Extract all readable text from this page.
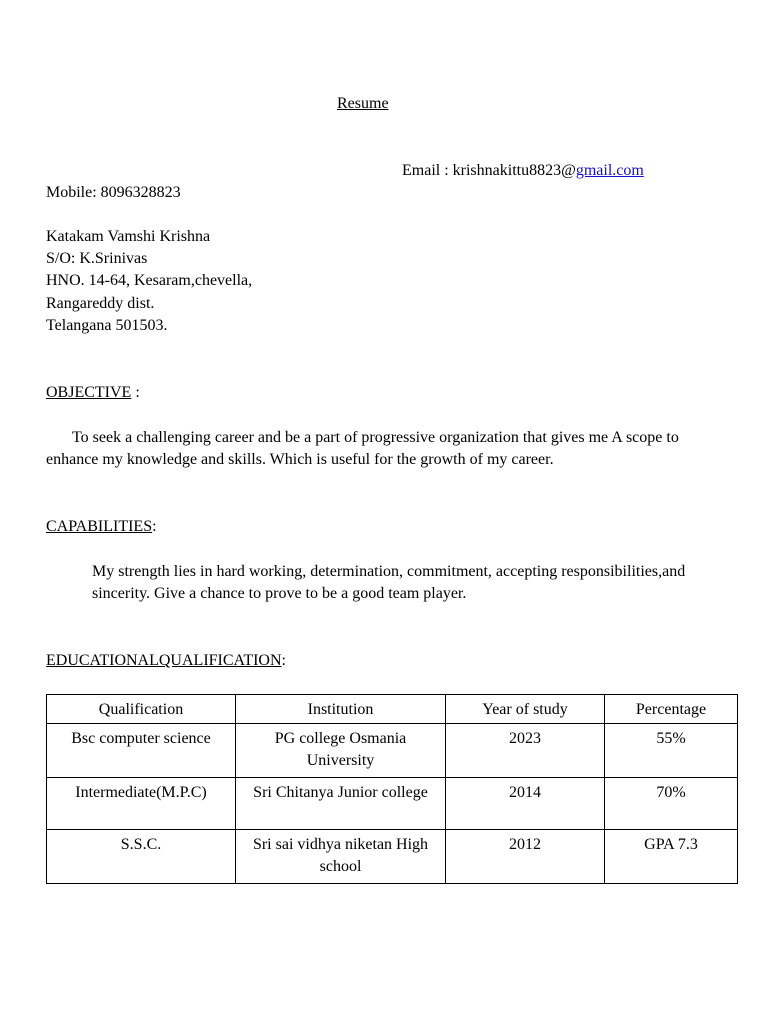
Resume
Email : krishnakittu8823@gmail.com
Mobile: 8096328823
Katakam Vamshi Krishna
S/O: K.Srinivas
HNO. 14-64, Kesaram,chevella,
Rangareddy dist.
Telangana 501503.
OBJECTIVE :
To seek a challenging career and be a part of progressive organization that gives me A scope to enhance my knowledge and skills. Which is useful for the growth of my career.
CAPABILITIES:
My strength lies in hard working, determination, commitment, accepting responsibilities,and sincerity. Give a chance to prove to be a good team player.
EDUCATIONALQUALIFICATION:
Qualification	Institution	Year of study	Percentage
Bsc computer science	PG college Osmania University	2023	55%
Intermediate(M.P.C)	Sri Chitanya Junior college	2014	70%
S.S.C.	Sri sai vidhya niketan High school	2012	GPA 7.3
